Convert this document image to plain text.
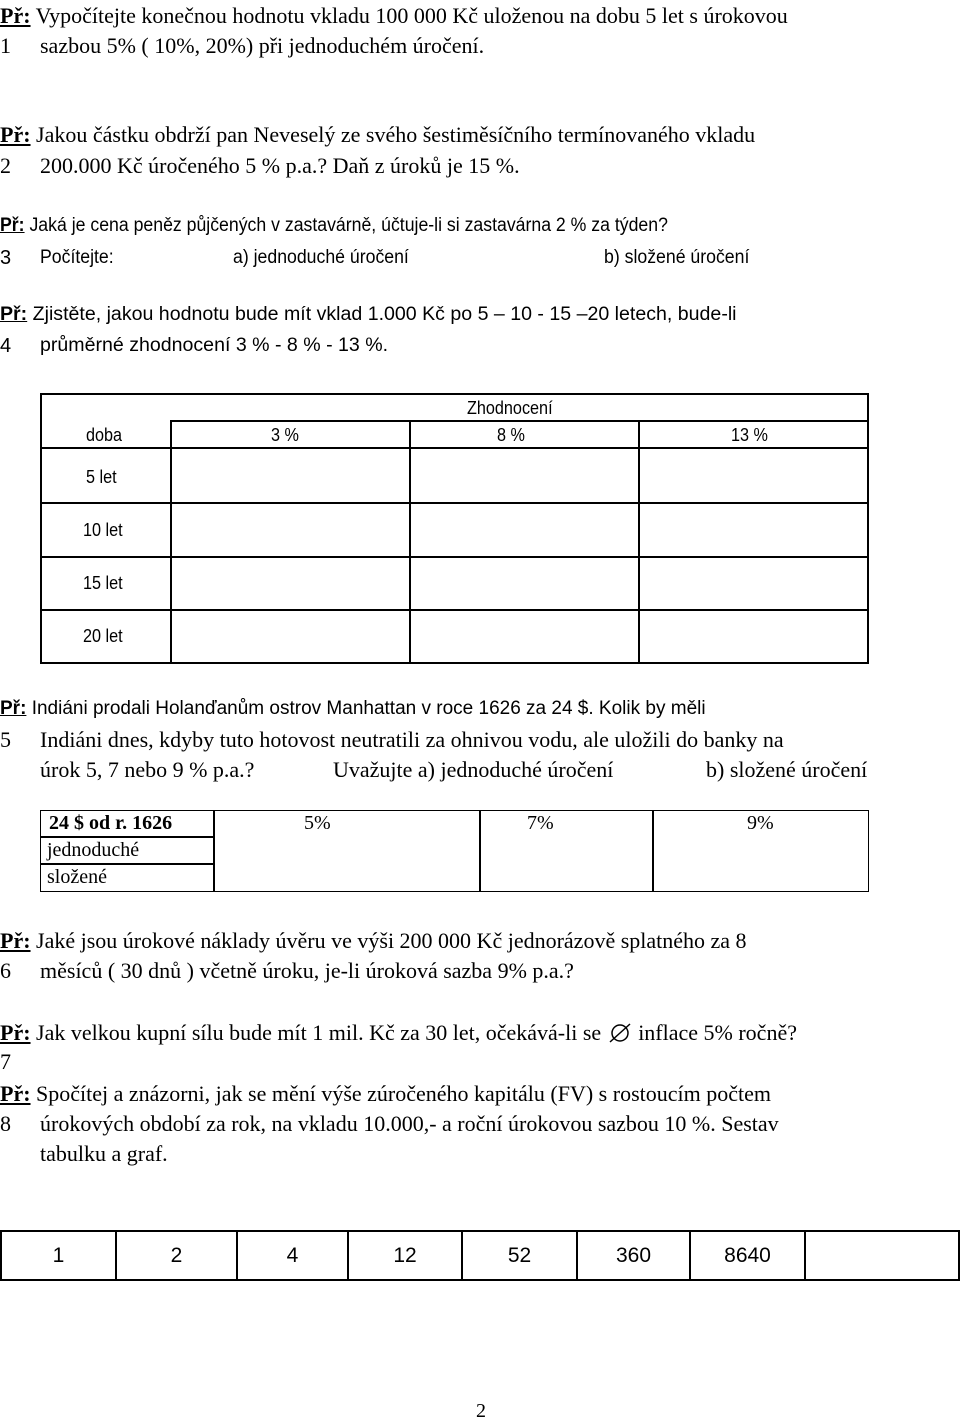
Př: Vypočítejte konečnou hodnotu vkladu 100 000 Kč uloženou na dobu 5 let s úrokovou
1 sazbou 5% ( 10%, 20%) při jednoduchém úročení.
Př: Jakou částku obdrží pan Neveselý ze svého šestiměsíčního termínovaného vkladu
2 200.000 Kč úročeného 5 % p.a.? Daň z úroků je 15 %.
Př: Jaká je cena peněz půjčených v zastavárně, účtuje-li si zastavárna 2 % za týden?
3 Počítejte:	a) jednoduché úročení	b) složené úročení
Př: Zjistěte, jakou hodnotu bude mít vklad 1.000 Kč po 5 – 10 - 15 –20 letech, bude-li
4 průměrné zhodnocení 3 % - 8 % - 13 %.
Zhodnocení
doba	3 %	8 %	13 %
5 let
10 let
15 let
20 let
Př: Indiáni prodali Holanďanům ostrov Manhattan v roce 1626 za 24 $. Kolik by měli
5 Indiáni dnes, kdyby tuto hotovost neutratili za ohnivou vodu, ale uložili do banky na
úrok 5, 7 nebo 9 % p.a.?	Uvažujte a) jednoduché úročení	b) složené úročení
24 $ od r. 1626	5%	7%	9%
jednoduché
složené
Př: Jaké jsou úrokové náklady úvěru ve výši 200 000 Kč jednorázově splatného za 8
6 měsíců ( 30 dnů ) včetně úroku, je-li úroková sazba 9% p.a.?
Př: Jak velkou kupní sílu bude mít 1 mil. Kč za 30 let, očekává-li se inflace 5% ročně?
7
Př: Spočítej a znázorni, jak se mění výše zúročeného kapitálu (FV) s rostoucím počtem
8 úrokových období za rok, na vkladu 10.000,- a roční úrokovou sazbou 10 %. Sestav
tabulku a graf.
1	2	4	12	52	360	8640
2
